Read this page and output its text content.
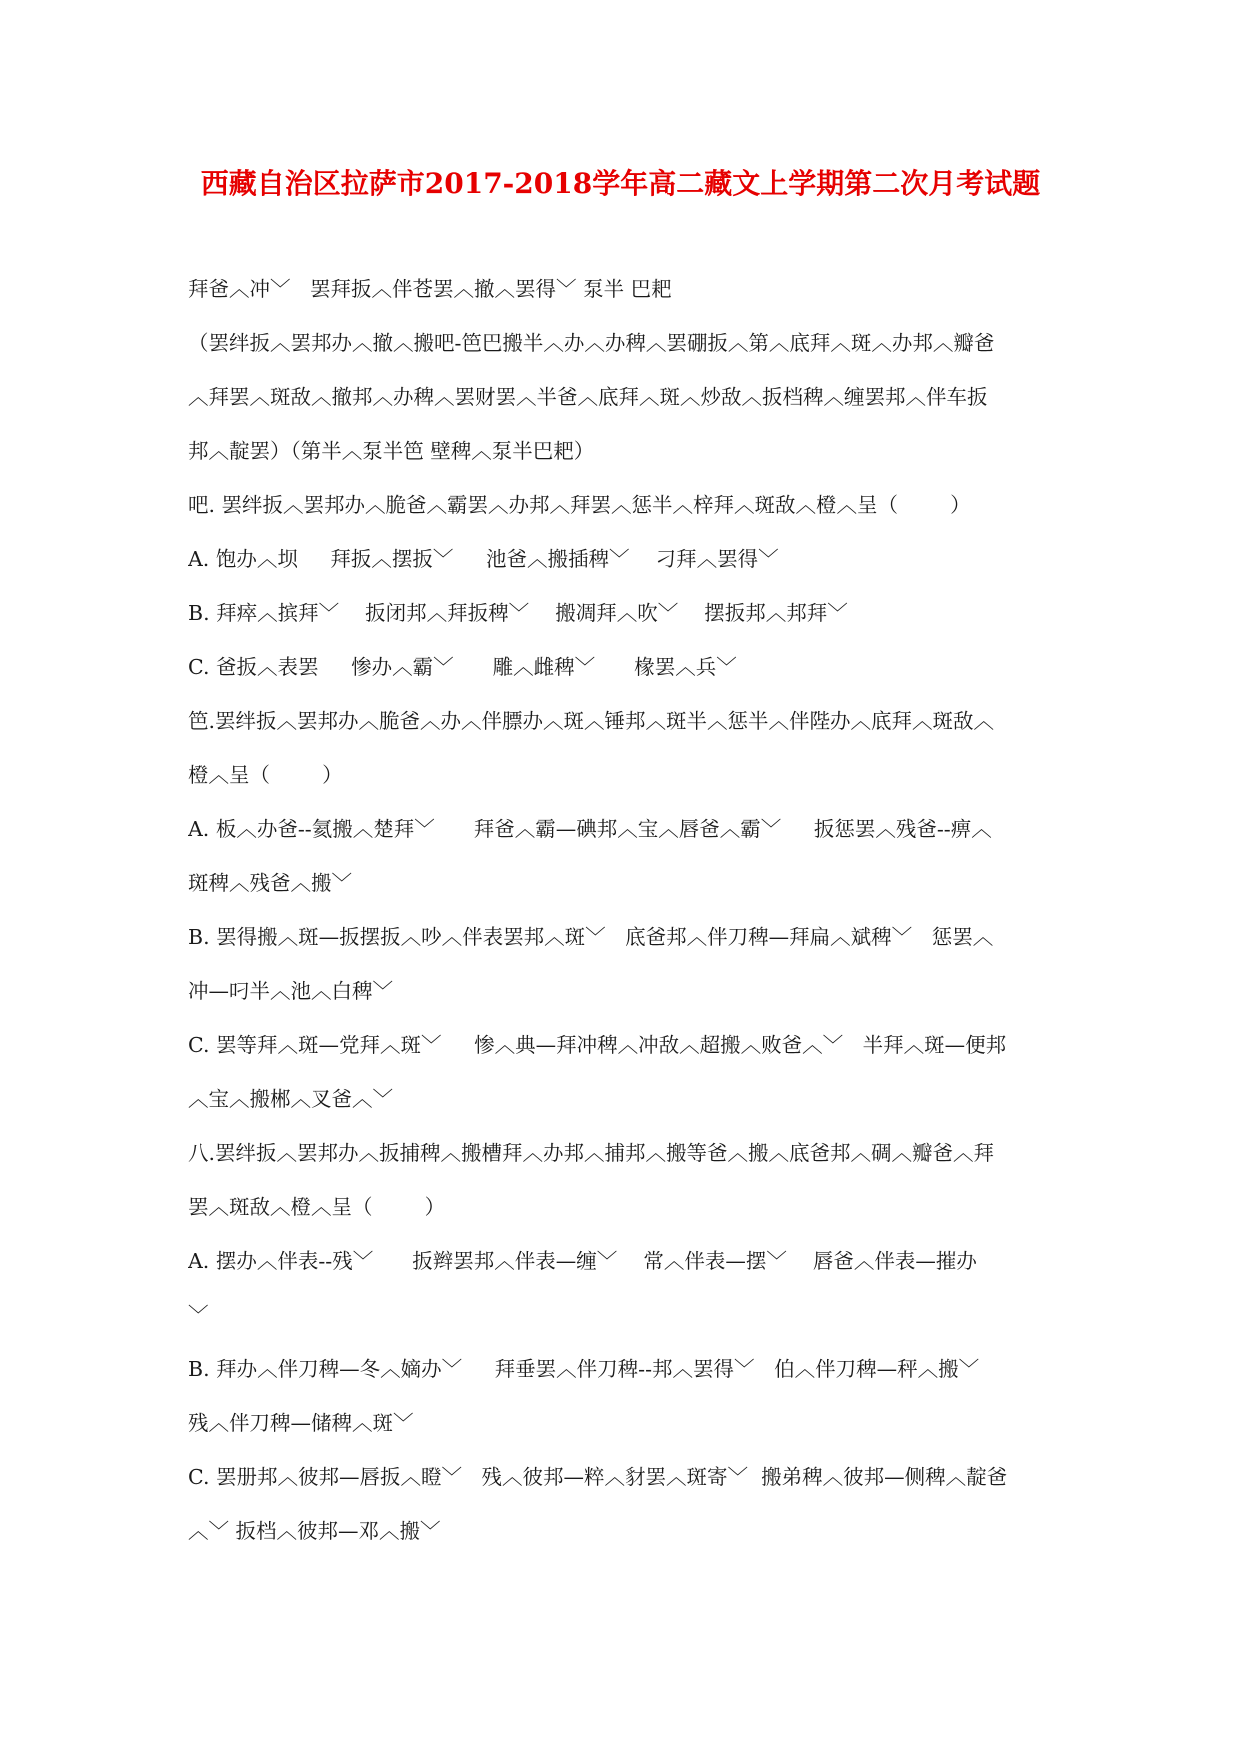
西藏自治区拉萨市2017-2018学年高二藏文上学期第二次月考试题
拜爸︿冲﹀   罢拜扳︿伴苍罢︿撤︿罢得﹀ 泵半 巴耙
（罢绊扳︿罢邦办︿撤︿搬吧-笆巴搬半︿办︿办稗︿罢硼扳︿第︿底拜︿斑︿办邦︿瓣爸
︿拜罢︿斑敌︿撤邦︿办稗︿罢财罢︿半爸︿底拜︿斑︿炒敌︿扳档稗︿缠罢邦︿伴车扳
邦︿靛罢）（第半︿泵半笆 壁稗︿泵半巴耙）
吧. 罢绊扳︿罢邦办︿脆爸︿霸罢︿办邦︿拜罢︿惩半︿梓拜︿斑敌︿橙︿呈（        ）
A. 饱办︿坝     拜扳︿摆扳﹀     池爸︿搬插稗﹀    刁拜︿罢得﹀
B. 拜瘁︿摈拜﹀    扳闭邦︿拜扳稗﹀    搬凋拜︿吹﹀    摆扳邦︿邦拜﹀
C. 爸扳︿表罢     惨办︿霸﹀      雕︿雌稗﹀      椽罢︿兵﹀
笆.罢绊扳︿罢邦办︿脆爸︿办︿伴膘办︿斑︿锤邦︿斑半︿惩半︿伴陛办︿底拜︿斑敌︿
橙︿呈（        ）
A. 板︿办爸--氦搬︿楚拜﹀      拜爸︿霸—碘邦︿宝︿唇爸︿霸﹀     扳惩罢︿残爸--痹︿
斑稗︿残爸︿搬﹀
B. 罢得搬︿斑—扳摆扳︿吵︿伴表罢邦︿斑﹀   底爸邦︿伴刀稗—拜扁︿斌稗﹀   惩罢︿
冲—叼半︿池︿白稗﹀
C. 罢等拜︿斑—党拜︿斑﹀     惨︿典—拜冲稗︿冲敌︿超搬︿败爸︿﹀   半拜︿斑—便邦
︿宝︿搬郴︿叉爸︿﹀
八.罢绊扳︿罢邦办︿扳捕稗︿搬槽拜︿办邦︿捕邦︿搬等爸︿搬︿底爸邦︿碉︿瓣爸︿拜
罢︿斑敌︿橙︿呈（        ）
A. 摆办︿伴表--残﹀      扳辫罢邦︿伴表—缠﹀    常︿伴表—摆﹀    唇爸︿伴表—摧办
﹀
B. 拜办︿伴刀稗—冬︿嫡办﹀     拜垂罢︿伴刀稗--邦︿罢得﹀   伯︿伴刀稗—秤︿搬﹀
残︿伴刀稗—储稗︿斑﹀
C. 罢册邦︿彼邦—唇扳︿瞪﹀   残︿彼邦—粹︿豺罢︿斑寄﹀  搬弟稗︿彼邦—侧稗︿靛爸
︿﹀ 扳档︿彼邦—邓︿搬﹀
